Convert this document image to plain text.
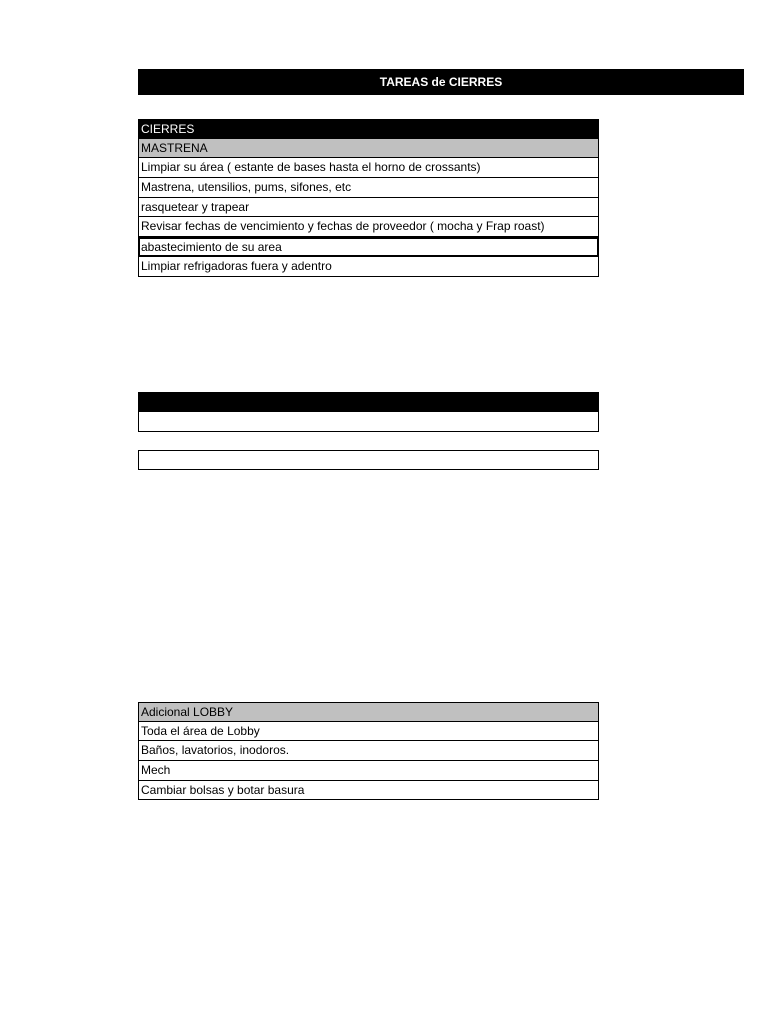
TAREAS de CIERRES
CIERRES
MASTRENA
Limpiar su área ( estante de bases hasta el horno de crossants)
Mastrena, utensilios, pums, sifones, etc
rasquetear y trapear
Revisar fechas de vencimiento y fechas de proveedor ( mocha y Frap roast)
abastecimiento de su area
Limpiar refrigadoras fuera y adentro
Adicional LOBBY
Toda el área de Lobby
Baños, lavatorios, inodoros.
Mech
Cambiar bolsas y botar basura
